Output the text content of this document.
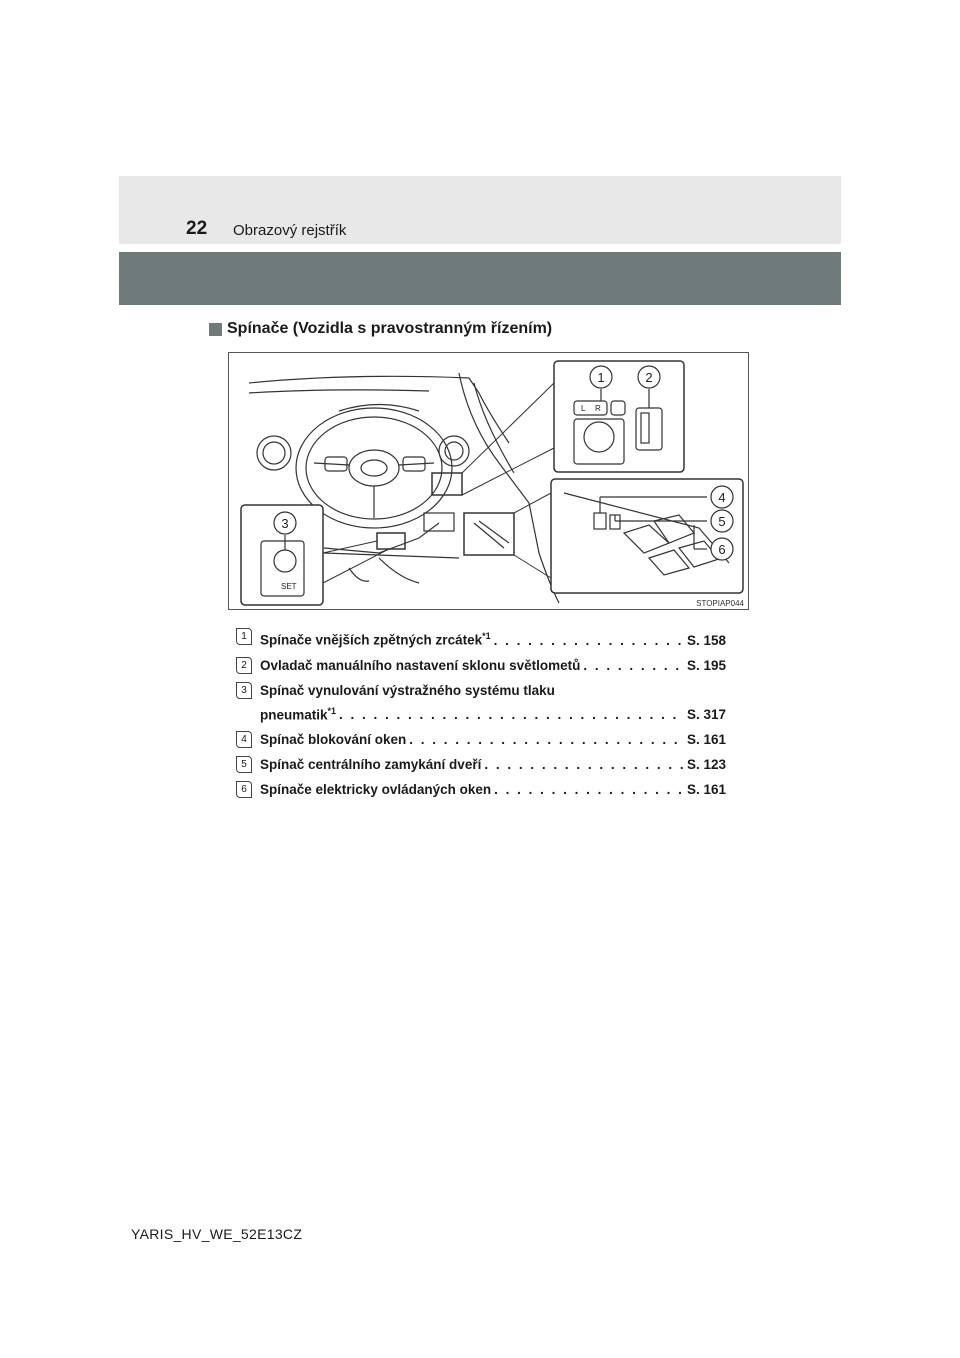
22 Obrazový rejstřík
Spínače (Vozidla s pravostranným řízením)
1	2
3
4
5
6
L R
SET
STOPIAP044
1 Spínače vnějších zpětných zrcátek$^{*1}$ . . .	S. 158
2 Ovladač manuálního nastavení sklonu světlometů . . .	S. 195
3 Spínač vynulování výstražného systému tlaku
pneumatik$^{*1}$ . . .	S. 317
4 Spínač blokování oken . . .	S. 161
5 Spínač centrálního zamykání dveří . . .	S. 123
6 Spínače elektricky ovládaných oken . . .	S. 161
YARIS_HV_WE_52E13CZ
